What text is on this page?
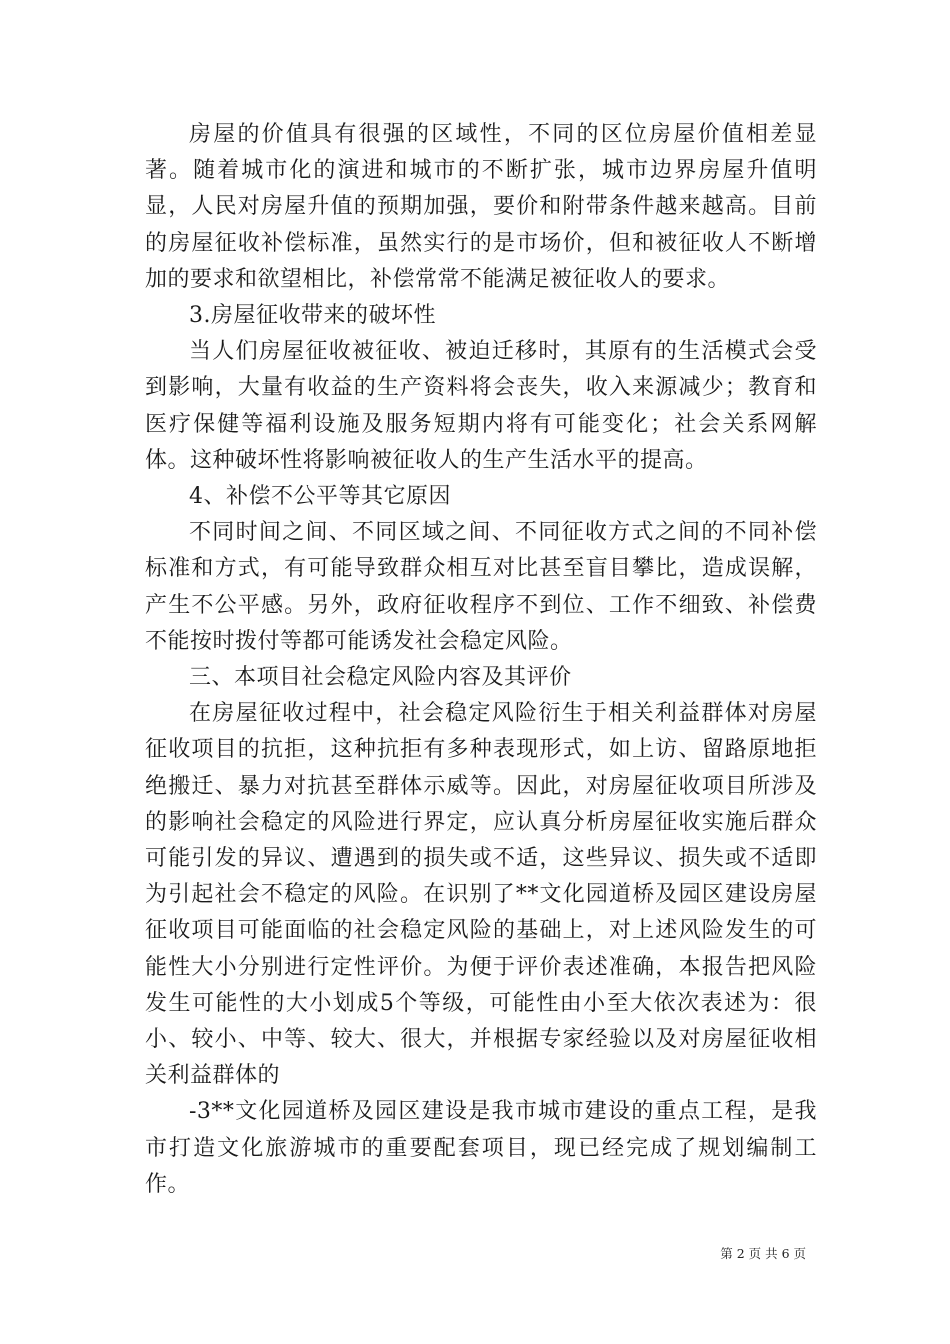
房屋的价值具有很强的区域性，不同的区位房屋价值相差显著。随着城市化的演进和城市的不断扩张，城市边界房屋升值明显，人民对房屋升值的预期加强，要价和附带条件越来越高。目前的房屋征收补偿标准，虽然实行的是市场价，但和被征收人不断增加的要求和欲望相比，补偿常常不能满足被征收人的要求。

3.房屋征收带来的破坏性

当人们房屋征收被征收、被迫迁移时，其原有的生活模式会受到影响，大量有收益的生产资料将会丧失，收入来源减少；教育和医疗保健等福利设施及服务短期内将有可能变化；社会关系网解体。这种破坏性将影响被征收人的生产生活水平的提高。

4、补偿不公平等其它原因

不同时间之间、不同区域之间、不同征收方式之间的不同补偿标准和方式，有可能导致群众相互对比甚至盲目攀比，造成误解，产生不公平感。另外，政府征收程序不到位、工作不细致、补偿费不能按时拨付等都可能诱发社会稳定风险。

三、本项目社会稳定风险内容及其评价

在房屋征收过程中，社会稳定风险衍生于相关利益群体对房屋征收项目的抗拒，这种抗拒有多种表现形式，如上访、留路原地拒绝搬迁、暴力对抗甚至群体示威等。因此，对房屋征收项目所涉及的影响社会稳定的风险进行界定，应认真分析房屋征收实施后群众可能引发的异议、遭遇到的损失或不适，这些异议、损失或不适即为引起社会不稳定的风险。在识别了**文化园道桥及园区建设房屋征收项目可能面临的社会稳定风险的基础上，对上述风险发生的可能性大小分别进行定性评价。为便于评价表述准确，本报告把风险发生可能性的大小划成5个等级，可能性由小至大依次表述为：很小、较小、中等、较大、很大，并根据专家经验以及对房屋征收相关利益群体的

-3**文化园道桥及园区建设是我市城市建设的重点工程，是我市打造文化旅游城市的重要配套项目，现已经完成了规划编制工作。

第 2 页 共 6 页
